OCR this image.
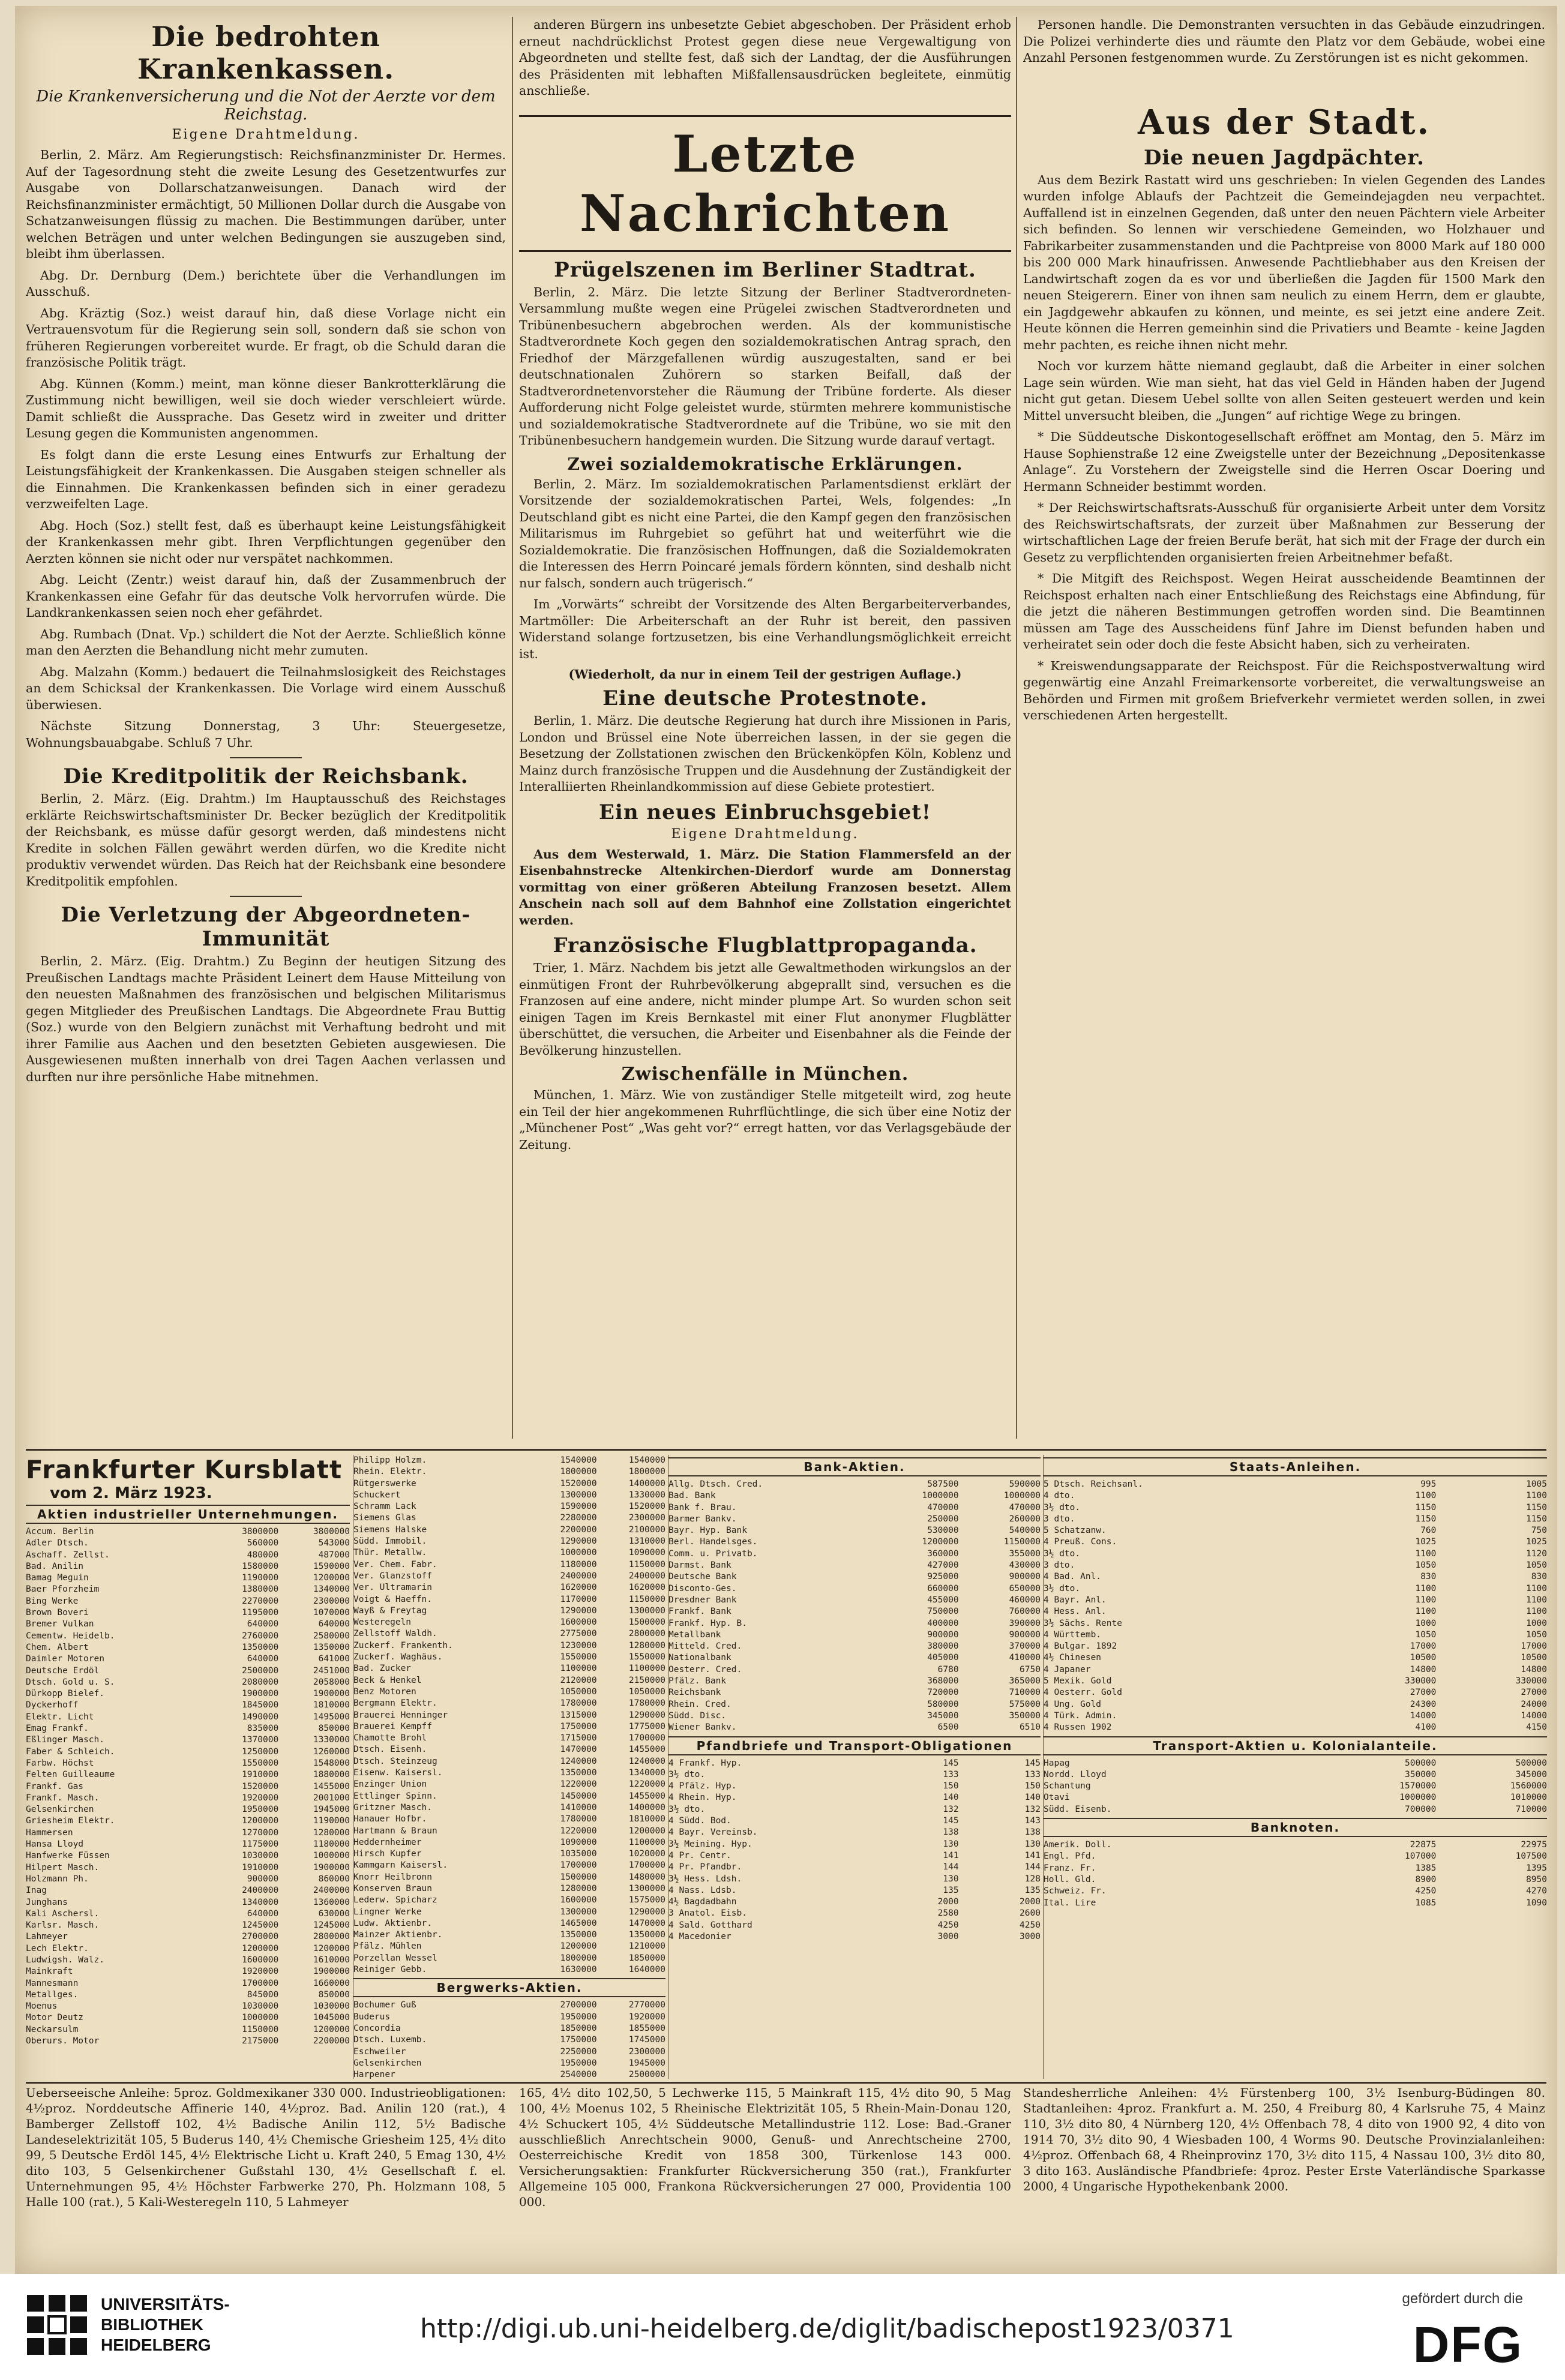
Die bedrohten Krankenkassen.
Die Krankenversicherung und die Not der Aerzte vor dem Reichstag.
Eigene Drahtmeldung.

Berlin, 2. März. Am Regierungstisch: Reichsfinanzminister Dr. Hermes. Auf der Tagesordnung steht die zweite Lesung des Gesetzentwurfes zur Ausgabe von Dollarschatzanweisungen. Danach wird der Reichsfinanzminister ermächtigt, 50 Millionen Dollar durch die Ausgabe von Schatzanweisungen flüssig zu machen. Die Bestimmungen darüber, unter welchen Beträgen und unter welchen Bedingungen sie auszugeben sind, bleibt ihm überlassen.

Abg. Dr. Dernburg (Dem.) berichtete über die Verhandlungen im Ausschuß.

Abg. Kräztig (Soz.) weist darauf hin, daß diese Vorlage nicht ein Vertrauensvotum für die Regierung sein soll, sondern daß sie schon von früheren Regierungen vorbereitet wurde. Er fragt, ob die Schuld daran die französische Politik trägt.

Abg. Künnen (Komm.) meint, man könne dieser Bankrotterklärung die Zustimmung nicht bewilligen, weil sie doch wieder verschleiert würde. Damit schließt die Aussprache. Das Gesetz wird in zweiter und dritter Lesung gegen die Kommunisten angenommen.

Es folgt dann die erste Lesung eines Entwurfs zur Erhaltung der Leistungsfähigkeit der Krankenkassen. Die Ausgaben steigen schneller als die Einnahmen. Die Krankenkassen befinden sich in einer geradezu verzweifelten Lage.

Abg. Hoch (Soz.) stellt fest, daß es überhaupt keine Leistungsfähigkeit der Krankenkassen mehr gibt. Ihren Verpflichtungen gegenüber den Aerzten können sie nicht oder nur verspätet nachkommen.

Abg. Leicht (Zentr.) weist darauf hin, daß der Zusammenbruch der Krankenkassen eine Gefahr für das deutsche Volk hervorrufen würde. Die Landkrankenkassen seien noch eher gefährdet.

Abg. Rumbach (Dnat. Vp.) schildert die Not der Aerzte. Schließlich könne man den Aerzten die Behandlung nicht mehr zumuten.

Abg. Malzahn (Komm.) bedauert die Teilnahmslosigkeit des Reichstages an dem Schicksal der Krankenkassen. Die Vorlage wird einem Ausschuß überwiesen.

Nächste Sitzung Donnerstag, 3 Uhr: Steuergesetze, Wohnungsbauabgabe. Schluß 7 Uhr.

Die Kreditpolitik der Reichsbank.

Berlin, 2. März. (Eig. Drahtm.) Im Hauptausschuß des Reichstages erklärte Reichswirtschaftsminister Dr. Becker bezüglich der Kreditpolitik der Reichsbank, es müsse dafür gesorgt werden, daß mindestens nicht Kredite in solchen Fällen gewährt werden dürfen, wo die Kredite nicht produktiv verwendet würden. Das Reich hat der Reichsbank eine besondere Kreditpolitik empfohlen.

Die Verletzung der Abgeordneten-Immunität

Berlin, 2. März. (Eig. Drahtm.) Zu Beginn der heutigen Sitzung des Preußischen Landtags machte Präsident Leinert dem Hause Mitteilung von den neuesten Maßnahmen des französischen und belgischen Militarismus gegen Mitglieder des Preußischen Landtags. Die Abgeordnete Frau Buttig (Soz.) wurde von den Belgiern zunächst mit Verhaftung bedroht und mit ihrer Familie aus Aachen und den besetzten Gebieten ausgewiesen. Die Ausgewiesenen mußten innerhalb von drei Tagen Aachen verlassen und durften nur ihre persönliche Habe mitnehmen.

anderen Bürgern ins unbesetzte Gebiet abgeschoben. Der Präsident erhob erneut nachdrücklichst Protest gegen diese neue Vergewaltigung von Abgeordneten und stellte fest, daß sich der Landtag, der die Ausführungen des Präsidenten mit lebhaften Mißfallensausdrücken begleitete, einmütig anschließe.

Letzte Nachrichten
Prügelszenen im Berliner Stadtrat.

Berlin, 2. März. Die letzte Sitzung der Berliner Stadtverordneten-Versammlung mußte wegen eine Prügelei zwischen Stadtverordneten und Tribünenbesuchern abgebrochen werden. Als der kommunistische Stadtverordnete Koch gegen den sozialdemokratischen Antrag sprach, den Friedhof der Märzgefallenen würdig auszugestalten, sand er bei deutschnationalen Zuhörern so starken Beifall, daß der Stadtverordnetenvorsteher die Räumung der Tribüne forderte. Als dieser Aufforderung nicht Folge geleistet wurde, stürmten mehrere kommunistische und sozialdemokratische Stadtverordnete auf die Tribüne, wo sie mit den Tribünenbesuchern handgemein wurden. Die Sitzung wurde darauf vertagt.

Zwei sozialdemokratische Erklärungen.

Berlin, 2. März. Im sozialdemokratischen Parlamentsdienst erklärt der Vorsitzende der sozialdemokratischen Partei, Wels, folgendes: „In Deutschland gibt es nicht eine Partei, die den Kampf gegen den französischen Militarismus im Ruhrgebiet so geführt hat und weiterführt wie die Sozialdemokratie. Die französischen Hoffnungen, daß die Sozialdemokraten die Interessen des Herrn Poincaré jemals fördern könnten, sind deshalb nicht nur falsch, sondern auch trügerisch.“

Im „Vorwärts“ schreibt der Vorsitzende des Alten Bergarbeiterverbandes, Martmöller: Die Arbeiterschaft an der Ruhr ist bereit, den passiven Widerstand solange fortzusetzen, bis eine Verhandlungsmöglichkeit erreicht ist.

(Wiederholt, da nur in einem Teil der gestrigen Auflage.)
Eine deutsche Protestnote.

Berlin, 1. März. Die deutsche Regierung hat durch ihre Missionen in Paris, London und Brüssel eine Note überreichen lassen, in der sie gegen die Besetzung der Zollstationen zwischen den Brückenköpfen Köln, Koblenz und Mainz durch französische Truppen und die Ausdehnung der Zuständigkeit der Interalliierten Rheinlandkommission auf diese Gebiete protestiert.

Ein neues Einbruchsgebiet!
Eigene Drahtmeldung.

Aus dem Westerwald, 1. März. Die Station Flammersfeld an der Eisenbahnstrecke Altenkirchen-Dierdorf wurde am Donnerstag vormittag von einer größeren Abteilung Franzosen besetzt. Allem Anschein nach soll auf dem Bahnhof eine Zollstation eingerichtet werden.

Französische Flugblattpropaganda.

Trier, 1. März. Nachdem bis jetzt alle Gewaltmethoden wirkungslos an der einmütigen Front der Ruhrbevölkerung abgeprallt sind, versuchen es die Franzosen auf eine andere, nicht minder plumpe Art. So wurden schon seit einigen Tagen im Kreis Bernkastel mit einer Flut anonymer Flugblätter überschüttet, die versuchen, die Arbeiter und Eisenbahner als die Feinde der Bevölkerung hinzustellen.

Zwischenfälle in München.

München, 1. März. Wie von zuständiger Stelle mitgeteilt wird, zog heute ein Teil der hier angekommenen Ruhrflüchtlinge, die sich über eine Notiz der „Münchener Post“ „Was geht vor?“ erregt hatten, vor das Verlagsgebäude der Zeitung.

Personen handle. Die Demonstranten versuchten in das Gebäude einzudringen. Die Polizei verhinderte dies und räumte den Platz vor dem Gebäude, wobei eine Anzahl Personen festgenommen wurde. Zu Zerstörungen ist es nicht gekommen.

Aus der Stadt.
Die neuen Jagdpächter.

Aus dem Bezirk Rastatt wird uns geschrieben: In vielen Gegenden des Landes wurden infolge Ablaufs der Pachtzeit die Gemeindejagden neu verpachtet. Auffallend ist in einzelnen Gegenden, daß unter den neuen Pächtern viele Arbeiter sich befinden. So lennen wir verschiedene Gemeinden, wo Holzhauer und Fabrikarbeiter zusammenstanden und die Pachtpreise von 8000 Mark auf 180 000 bis 200 000 Mark hinaufrissen. Anwesende Pachtliebhaber aus den Kreisen der Landwirtschaft zogen da es vor und überließen die Jagden für 1500 Mark den neuen Steigerern. Einer von ihnen sam neulich zu einem Herrn, dem er glaubte, ein Jagdgewehr abkaufen zu können, und meinte, es sei jetzt eine andere Zeit. Heute können die Herren gemeinhin sind die Privatiers und Beamte - keine Jagden mehr pachten, es reiche ihnen nicht mehr.

Noch vor kurzem hätte niemand geglaubt, daß die Arbeiter in einer solchen Lage sein würden. Wie man sieht, hat das viel Geld in Händen haben der Jugend nicht gut getan. Diesem Uebel sollte von allen Seiten gesteuert werden und kein Mittel unversucht bleiben, die „Jungen“ auf richtige Wege zu bringen.

* Die Süddeutsche Diskontogesellschaft eröffnet am Montag, den 5. März im Hause Sophienstraße 12 eine Zweigstelle unter der Bezeichnung „Depositenkasse Anlage“. Zu Vorstehern der Zweigstelle sind die Herren Oscar Doering und Hermann Schneider bestimmt worden.

* Der Reichswirtschaftsrats-Ausschuß für organisierte Arbeit unter dem Vorsitz des Reichswirtschaftsrats, der zurzeit über Maßnahmen zur Besserung der wirtschaftlichen Lage der freien Berufe berät, hat sich mit der Frage der durch ein Gesetz zu verpflichtenden organisierten freien Arbeitnehmer befaßt.

* Die Mitgift des Reichspost. Wegen Heirat ausscheidende Beamtinnen der Reichspost erhalten nach einer Entschließung des Reichstags eine Abfindung, für die jetzt die näheren Bestimmungen getroffen worden sind. Die Beamtinnen müssen am Tage des Ausscheidens fünf Jahre im Dienst befunden haben und verheiratet sein oder doch die feste Absicht haben, sich zu verheiraten.

* Kreiswendungsapparate der Reichspost. Für die Reichspostverwaltung wird gegenwärtig eine Anzahl Freimarkensorte vorbereitet, die verwaltungsweise an Behörden und Firmen mit großem Briefverkehr vermietet werden sollen, in zwei verschiedenen Arten hergestellt.

Frankfurter Kursblatt
vom 2. März 1923.
Aktien industrieller Unternehmungen.
Accum. Berlin	3800000	3800000
Adler Dtsch.	560000	543000
Aschaff. Zellst.	480000	487000
Bad. Anilin	1580000	1590000
Bamag Meguin	1190000	1200000
Baer Pforzheim	1380000	1340000
Bing Werke	2270000	2300000
Brown Boveri	1195000	1070000
Bremer Vulkan	640000	640000
Cementw. Heidelb.	2760000	2580000
Chem. Albert	1350000	1350000
Daimler Motoren	640000	641000
Deutsche Erdöl	2500000	2451000
Dtsch. Gold u. S.	2080000	2058000
Dürkopp Bielef.	1900000	1900000
Dyckerhoff	1845000	1810000
Elektr. Licht	1490000	1495000
Emag Frankf.	835000	850000
Eßlinger Masch.	1370000	1330000
Faber & Schleich.	1250000	1260000
Farbw. Höchst	1550000	1548000
Felten Guilleaume	1910000	1880000
Frankf. Gas	1520000	1455000
Frankf. Masch.	1920000	2001000
Gelsenkirchen	1950000	1945000
Griesheim Elektr.	1200000	1190000
Hammersen	1270000	1280000
Hansa Lloyd	1175000	1180000
Hanfwerke Füssen	1030000	1000000
Hilpert Masch.	1910000	1900000
Holzmann Ph.	900000	860000
Inag	2400000	2400000
Junghans	1340000	1360000
Kali Aschersl.	640000	630000
Karlsr. Masch.	1245000	1245000
Lahmeyer	2700000	2800000
Lech Elektr.	1200000	1200000
Ludwigsh. Walz.	1600000	1610000
Mainkraft	1920000	1900000
Mannesmann	1700000	1660000
Metallges.	845000	850000
Moenus	1030000	1030000
Motor Deutz	1000000	1045000
Neckarsulm	1150000	1200000
Oberurs. Motor	2175000	2200000
Philipp Holzm.	1540000	1540000
Rhein. Elektr.	1800000	1800000
Rütgerswerke	1520000	1400000
Schuckert	1300000	1330000
Schramm Lack	1590000	1520000
Siemens Glas	2280000	2300000
Siemens Halske	2200000	2100000
Südd. Immobil.	1290000	1310000
Thür. Metallw.	1000000	1090000
Ver. Chem. Fabr.	1180000	1150000
Ver. Glanzstoff	2400000	2400000
Ver. Ultramarin	1620000	1620000
Voigt & Haeffn.	1170000	1150000
Wayß & Freytag	1290000	1300000
Westeregeln	1600000	1500000
Zellstoff Waldh.	2775000	2800000
Zuckerf. Frankenth.	1230000	1280000
Zuckerf. Waghäus.	1550000	1550000
Bad. Zucker	1100000	1100000
Beck & Henkel	2120000	2150000
Benz Motoren	1050000	1050000
Bergmann Elektr.	1780000	1780000
Brauerei Henninger	1315000	1290000
Brauerei Kempff	1750000	1775000
Chamotte Brohl	1715000	1700000
Dtsch. Eisenh.	1470000	1455000
Dtsch. Steinzeug	1240000	1240000
Eisenw. Kaisersl.	1350000	1340000
Enzinger Union	1220000	1220000
Ettlinger Spinn.	1450000	1455000
Gritzner Masch.	1410000	1400000
Hanauer Hofbr.	1780000	1810000
Hartmann & Braun	1220000	1200000
Heddernheimer	1090000	1100000
Hirsch Kupfer	1035000	1020000
Kammgarn Kaisersl.	1700000	1700000
Knorr Heilbronn	1500000	1480000
Konserven Braun	1280000	1300000
Lederw. Spicharz	1600000	1575000
Lingner Werke	1300000	1290000
Ludw. Aktienbr.	1465000	1470000
Mainzer Aktienbr.	1350000	1350000
Pfälz. Mühlen	1200000	1210000
Porzellan Wessel	1800000	1850000
Reiniger Gebb.	1630000	1640000
Bergwerks-Aktien.
Bochumer Guß	2700000	2770000
Buderus	1950000	1920000
Concordia	1850000	1855000
Dtsch. Luxemb.	1750000	1745000
Eschweiler	2250000	2300000
Gelsenkirchen	1950000	1945000
Harpener	2540000	2500000
Bank-Aktien.
Allg. Dtsch. Cred.	587500	590000
Bad. Bank	1000000	1000000
Bank f. Brau.	470000	470000
Barmer Bankv.	250000	260000
Bayr. Hyp. Bank	530000	540000
Berl. Handelsges.	1200000	1150000
Comm. u. Privatb.	360000	355000
Darmst. Bank	427000	430000
Deutsche Bank	925000	900000
Disconto-Ges.	660000	650000
Dresdner Bank	455000	460000
Frankf. Bank	750000	760000
Frankf. Hyp. B.	400000	390000
Metallbank	900000	900000
Mitteld. Cred.	380000	370000
Nationalbank	405000	410000
Oesterr. Cred.	6780	6750
Pfälz. Bank	368000	365000
Reichsbank	720000	710000
Rhein. Cred.	580000	575000
Südd. Disc.	345000	350000
Wiener Bankv.	6500	6510
Pfandbriefe und Transport-Obligationen
4 Frankf. Hyp.	145	145
3½ dto.	133	133
4 Pfälz. Hyp.	150	150
4 Rhein. Hyp.	140	140
3½ dto.	132	132
4 Südd. Bod.	145	143
4 Bayr. Vereinsb.	138	138
3½ Meining. Hyp.	130	130
4 Pr. Centr.	141	141
4 Pr. Pfandbr.	144	144
3½ Hess. Ldsh.	130	128
4 Nass. Ldsb.	135	135
4½ Bagdadbahn	2000	2000
3 Anatol. Eisb.	2580	2600
4 Sald. Gotthard	4250	4250
4 Macedonier	3000	3000
Staats-Anleihen.
5 Dtsch. Reichsanl.	995	1005
4 dto.	1100	1100
3½ dto.	1150	1150
3 dto.	1150	1150
5 Schatzanw.	760	750
4 Preuß. Cons.	1025	1025
3½ dto.	1100	1120
3 dto.	1050	1050
4 Bad. Anl.	830	830
3½ dto.	1100	1100
4 Bayr. Anl.	1100	1100
4 Hess. Anl.	1100	1100
3½ Sächs. Rente	1000	1000
4 Württemb.	1050	1050
4 Bulgar. 1892	17000	17000
4½ Chinesen	10500	10500
4 Japaner	14800	14800
5 Mexik. Gold	330000	330000
4 Oesterr. Gold	27000	27000
4 Ung. Gold	24300	24000
4 Türk. Admin.	14000	14000
4 Russen 1902	4100	4150
Transport-Aktien u. Kolonialanteile.
Hapag	500000	500000
Nordd. Lloyd	350000	345000
Schantung	1570000	1560000
Otavi	1000000	1010000
Südd. Eisenb.	700000	710000
Banknoten.
Amerik. Doll.	22875	22975
Engl. Pfd.	107000	107500
Franz. Fr.	1385	1395
Holl. Gld.	8900	8950
Schweiz. Fr.	4250	4270
Ital. Lire	1085	1090
Ueberseeische Anleihe: 5proz. Goldmexikaner 330 000. Industrieobligationen: 4½proz. Norddeutsche Affinerie 140, 4½proz. Bad. Anilin 120 (rat.), 4 Bamberger Zellstoff 102, 4½ Badische Anilin 112, 5½ Badische Landeselektrizität 105, 5 Buderus 140, 4½ Chemische Griesheim 125, 4½ dito 99, 5 Deutsche Erdöl 145, 4½ Elektrische Licht u. Kraft 240, 5 Emag 130, 4½ dito 103, 5 Gelsenkirchener Gußstahl 130, 4½ Gesellschaft f. el. Unternehmungen 95, 4½ Höchster Farbwerke 270, Ph. Holzmann 108, 5 Halle 100 (rat.), 5 Kali-Westeregeln 110, 5 Lahmeyer
165, 4½ dito 102,50, 5 Lechwerke 115, 5 Mainkraft 115, 4½ dito 90, 5 Mag 100, 4½ Moenus 102, 5 Rheinische Elektrizität 105, 5 Rhein-Main-Donau 120, 4½ Schuckert 105, 4½ Süddeutsche Metallindustrie 112. Lose: Bad.-Graner ausschließlich Anrechtschein 9000, Genuß- und Anrechtscheine 2700, Oesterreichische Kredit von 1858 300, Türkenlose 143 000. Versicherungsaktien: Frankfurter Rückversicherung 350 (rat.), Frankfurter Allgemeine 105 000, Frankona Rückversicherungen 27 000, Providentia 100 000.
Standesherrliche Anleihen: 4½ Fürstenberg 100, 3½ Isenburg-Büdingen 80. Stadtanleihen: 4proz. Frankfurt a. M. 250, 4 Freiburg 80, 4 Karlsruhe 75, 4 Mainz 110, 3½ dito 80, 4 Nürnberg 120, 4½ Offenbach 78, 4 dito von 1900 92, 4 dito von 1914 70, 3½ dito 90, 4 Wiesbaden 100, 4 Worms 90. Deutsche Provinzialanleihen: 4½proz. Offenbach 68, 4 Rheinprovinz 170, 3½ dito 115, 4 Nassau 100, 3½ dito 80, 3 dito 163. Ausländische Pfandbriefe: 4proz. Pester Erste Vaterländische Sparkasse 2000, 4 Ungarische Hypothekenbank 2000.
UNIVERSITÄTS-
BIBLIOTHEK
HEIDELBERG
http://digi.ub.uni-heidelberg.de/diglit/badischepost1923/0371
gefördert durch die
DFG
